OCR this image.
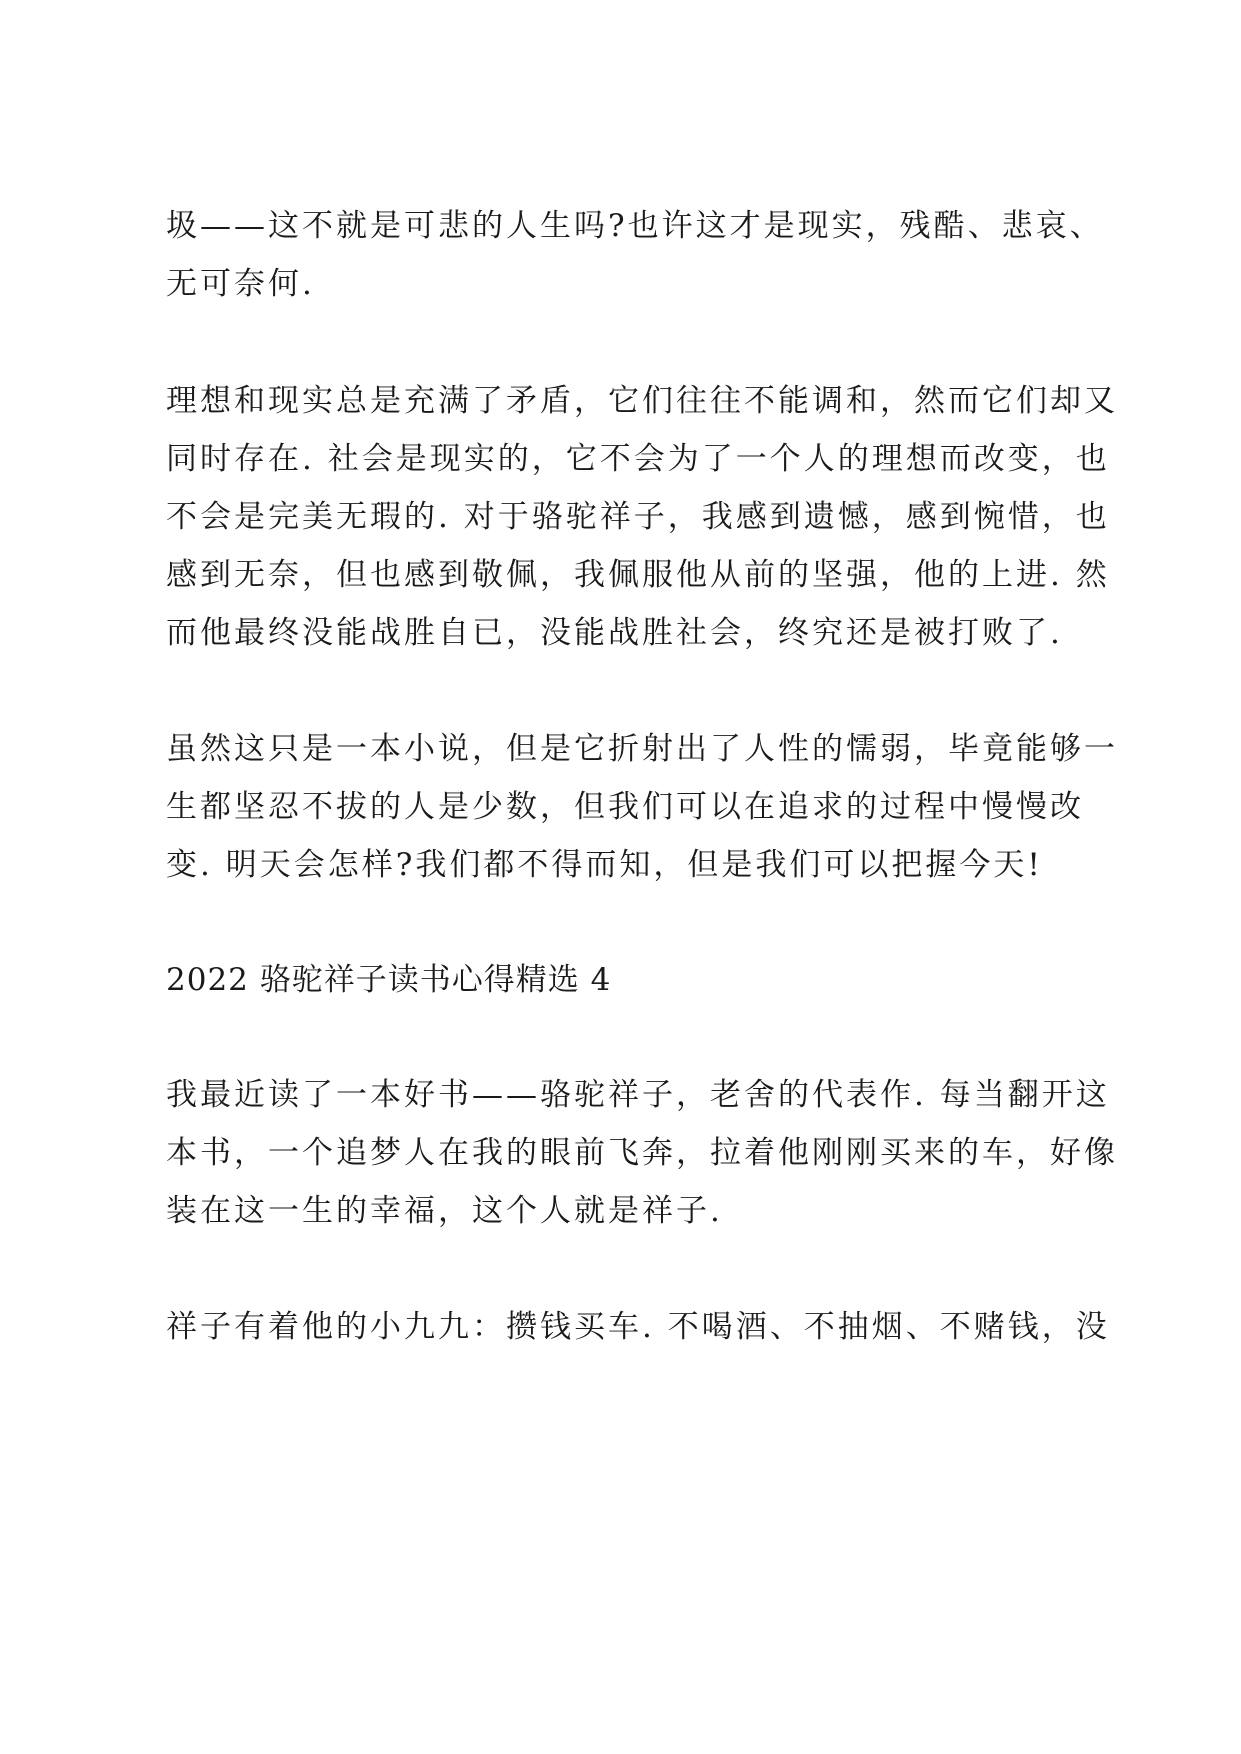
圾——这不就是可悲的人生吗?也许这才是现实，残酷、悲哀、
无可奈何.
理想和现实总是充满了矛盾，它们往往不能调和，然而它们却又
同时存在. 社会是现实的，它不会为了一个人的理想而改变，也
不会是完美无瑕的. 对于骆驼祥子，我感到遗憾，感到惋惜，也
感到无奈，但也感到敬佩，我佩服他从前的坚强，他的上进. 然
而他最终没能战胜自已，没能战胜社会，终究还是被打败了.
虽然这只是一本小说，但是它折射出了人性的懦弱，毕竟能够一
生都坚忍不拔的人是少数，但我们可以在追求的过程中慢慢改
变. 明天会怎样?我们都不得而知，但是我们可以把握今天!
2022 骆驼祥子读书心得精选 4
我最近读了一本好书——骆驼祥子，老舍的代表作. 每当翻开这
本书，一个追梦人在我的眼前飞奔，拉着他刚刚买来的车，好像
装在这一生的幸福，这个人就是祥子.
祥子有着他的小九九：攒钱买车. 不喝酒、不抽烟、不赌钱，没
